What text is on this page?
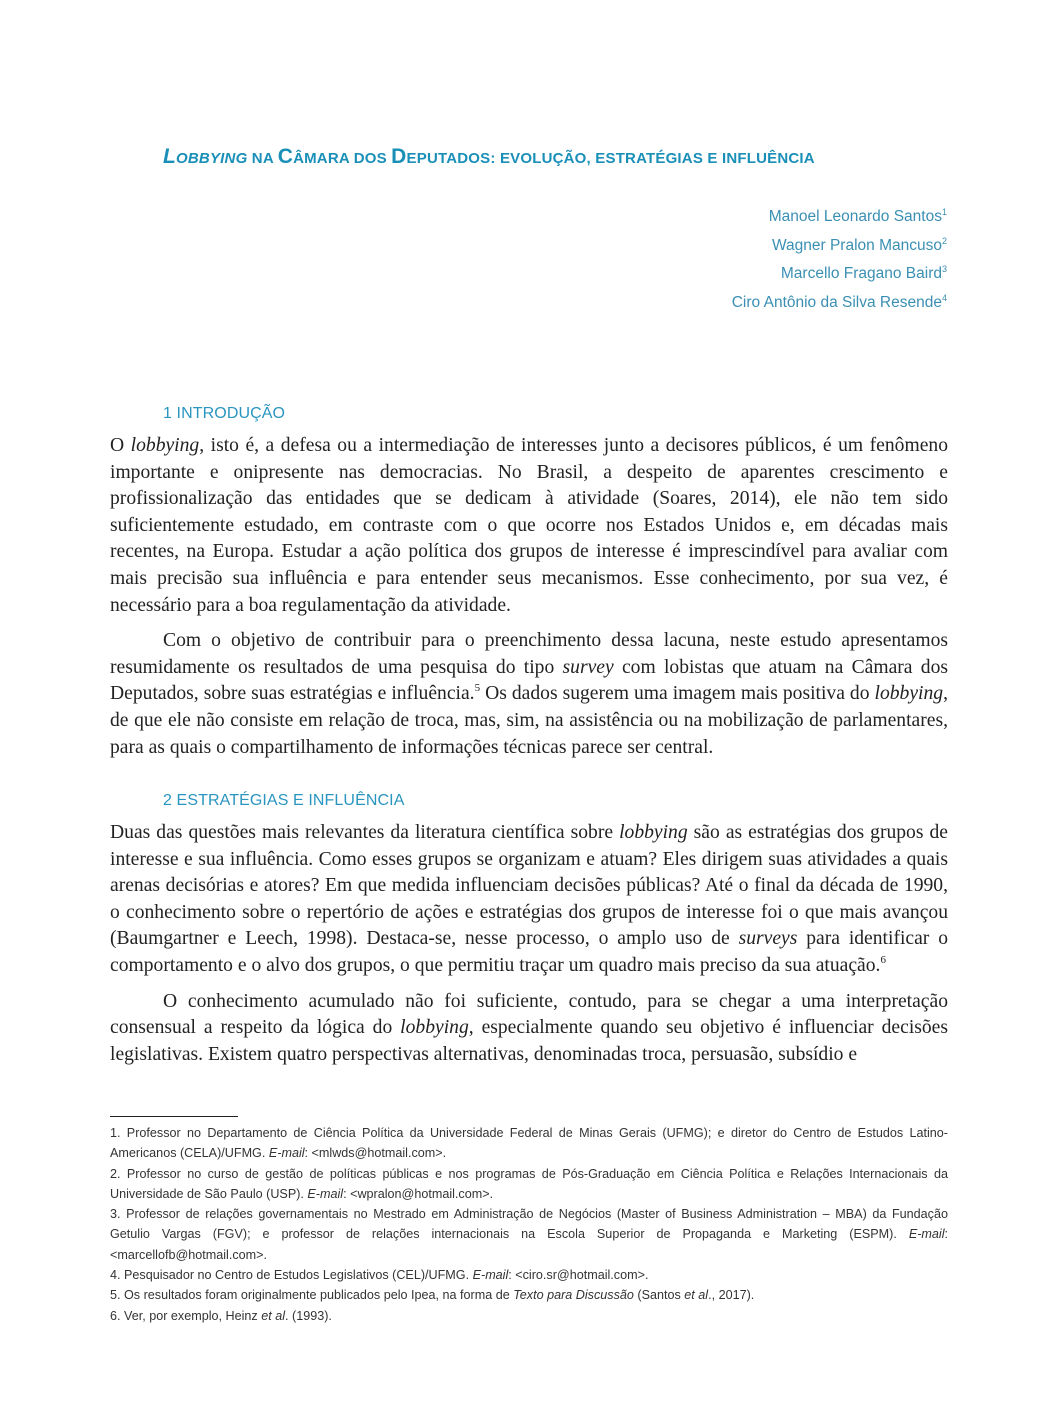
LOBBYING NA CÂMARA DOS DEPUTADOS: EVOLUÇÃO, ESTRATÉGIAS E INFLUÊNCIA
Manoel Leonardo Santos$^1$
Wagner Pralon Mancuso$^2$
Marcello Fragano Baird$^3$
Ciro Antônio da Silva Resende$^4$
1 INTRODUÇÃO

O lobbying, isto é, a defesa ou a intermediação de interesses junto a decisores públicos, é um fenômeno importante e onipresente nas democracias. No Brasil, a despeito de aparentes crescimento e profissionalização das entidades que se dedicam à atividade (Soares, 2014), ele não tem sido suficientemente estudado, em contraste com o que ocorre nos Estados Unidos e, em décadas mais recentes, na Europa. Estudar a ação política dos grupos de interesse é imprescindível para avaliar com mais precisão sua influência e para entender seus mecanismos. Esse conhecimento, por sua vez, é necessário para a boa regulamentação da atividade.

Com o objetivo de contribuir para o preenchimento dessa lacuna, neste estudo apresentamos resumidamente os resultados de uma pesquisa do tipo survey com lobistas que atuam na Câmara dos Deputados, sobre suas estratégias e influência.$^5$ Os dados sugerem uma imagem mais positiva do lobbying, de que ele não consiste em relação de troca, mas, sim, na assistência ou na mobilização de parlamentares, para as quais o compartilhamento de informações técnicas parece ser central.

2 ESTRATÉGIAS E INFLUÊNCIA

Duas das questões mais relevantes da literatura científica sobre lobbying são as estratégias dos grupos de interesse e sua influência. Como esses grupos se organizam e atuam? Eles dirigem suas atividades a quais arenas decisórias e atores? Em que medida influenciam decisões públicas? Até o final da década de 1990, o conhecimento sobre o repertório de ações e estratégias dos grupos de interesse foi o que mais avançou (Baumgartner e Leech, 1998). Destaca-se, nesse processo, o amplo uso de surveys para identificar o comportamento e o alvo dos grupos, o que permitiu traçar um quadro mais preciso da sua atuação.$^6$

O conhecimento acumulado não foi suficiente, contudo, para se chegar a uma interpretação consensual a respeito da lógica do lobbying, especialmente quando seu objetivo é influenciar decisões legislativas. Existem quatro perspectivas alternativas, denominadas troca, persuasão, subsídio e

1. Professor no Departamento de Ciência Política da Universidade Federal de Minas Gerais (UFMG); e diretor do Centro de Estudos Latino-Americanos (CELA)/UFMG. E-mail: <mlwds@hotmail.com>.

2. Professor no curso de gestão de políticas públicas e nos programas de Pós-Graduação em Ciência Política e Relações Internacionais da Universidade de São Paulo (USP). E-mail: <wpralon@hotmail.com>.

3. Professor de relações governamentais no Mestrado em Administração de Negócios (Master of Business Administration – MBA) da Fundação Getulio Vargas (FGV); e professor de relações internacionais na Escola Superior de Propaganda e Marketing (ESPM). E-mail: <marcellofb@hotmail.com>.

4. Pesquisador no Centro de Estudos Legislativos (CEL)/UFMG. E-mail: <ciro.sr@hotmail.com>.

5. Os resultados foram originalmente publicados pelo Ipea, na forma de Texto para Discussão (Santos et al., 2017).

6. Ver, por exemplo, Heinz et al. (1993).
